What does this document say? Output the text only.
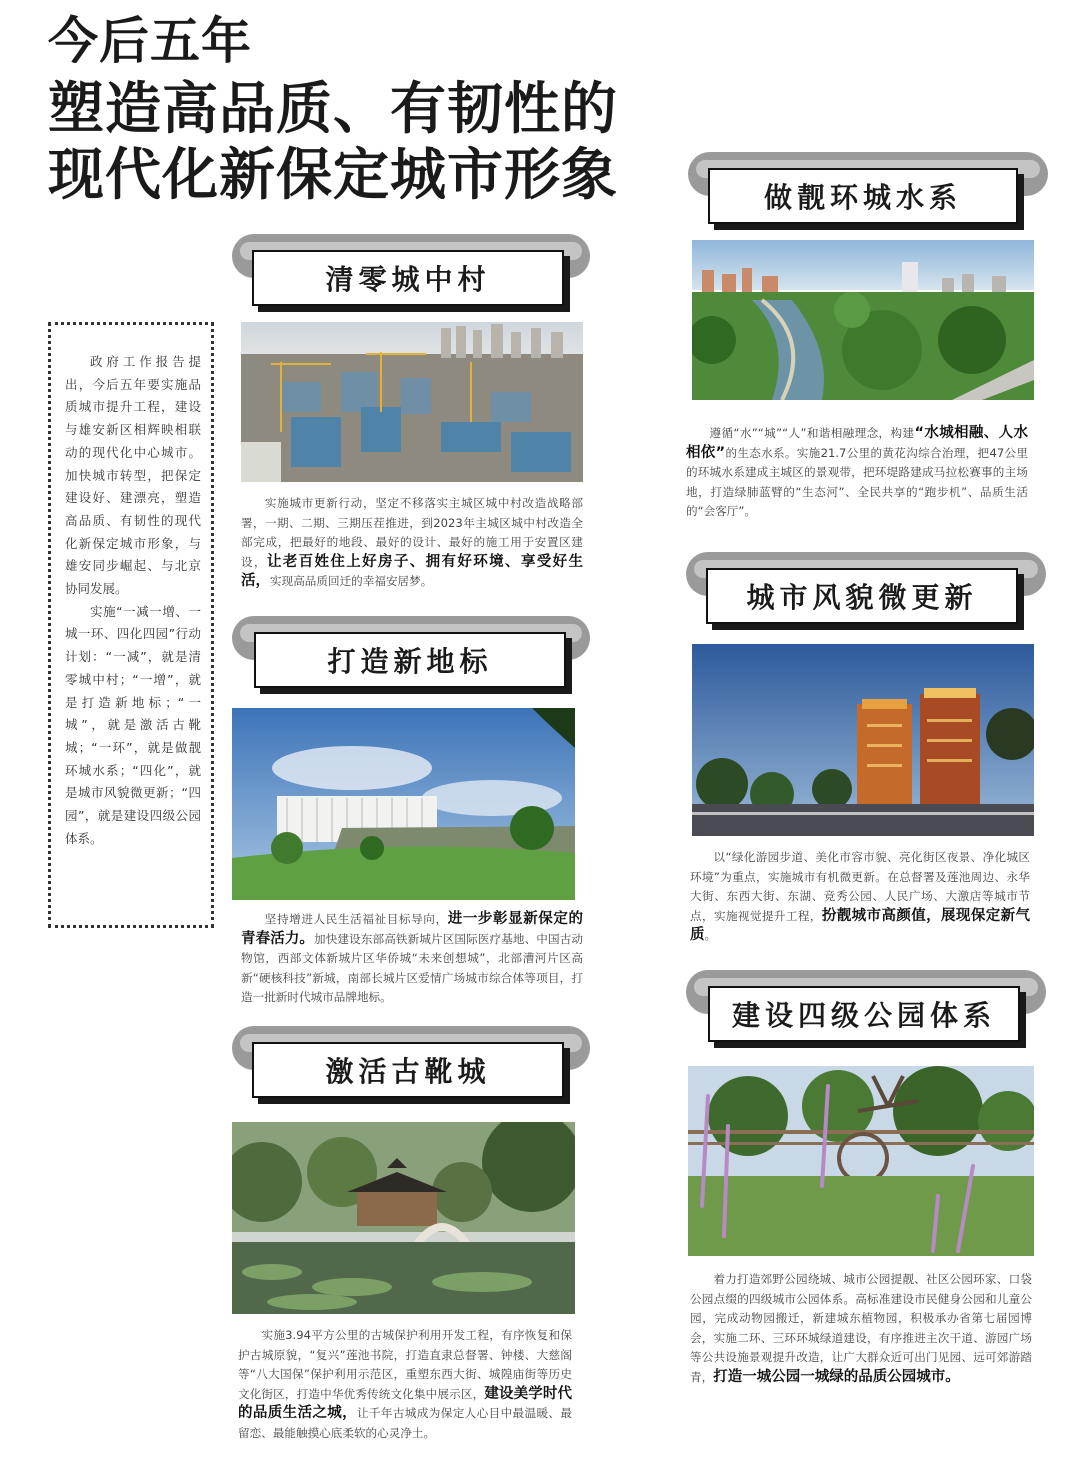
今后五年
塑造高品质、有韧性的
现代化新保定城市形象

政府工作报告提出，今后五年要实施品质城市提升工程，建设与雄安新区相辉映相联动的现代化中心城市。加快城市转型，把保定建设好、建漂亮，塑造高品质、有韧性的现代化新保定城市形象，与雄安同步崛起、与北京协同发展。

实施“一减一增、一城一环、四化四园”行动计划：“一减”，就是清零城中村；“一增”，就是打造新地标；“一城”，就是激活古靴城；“一环”，就是做靓环城水系；“四化”，就是城市风貌微更新；“四园”，就是建设四级公园体系。

清零城中村
实施城市更新行动，坚定不移落实主城区城中村改造战略部署，一期、二期、三期压茬推进，到2023年主城区城中村改造全部完成，把最好的地段、最好的设计、最好的施工用于安置区建设，让老百姓住上好房子、拥有好环境、享受好生活，实现高品质回迁的幸福安居梦。
打造新地标
坚持增进人民生活福祉目标导向，进一步彰显新保定的青春活力。加快建设东部高铁新城片区国际医疗基地、中国古动物馆，西部文体新城片区华侨城“未来创想城”，北部漕河片区高新“硬核科技”新城，南部长城片区爱情广场城市综合体等项目，打造一批新时代城市品牌地标。
激活古靴城
实施3.94平方公里的古城保护利用开发工程，有序恢复和保护古城原貌，“复兴”莲池书院，打造直隶总督署、钟楼、大慈阁等“八大国保”保护利用示范区，重塑东西大街、城隍庙街等历史文化街区，打造中华优秀传统文化集中展示区，建设美学时代的品质生活之城，让千年古城成为保定人心目中最温暖、最留恋、最能触摸心底柔软的心灵净土。
做靓环城水系
遵循“水”“城”“人”和谐相融理念，构建“水城相融、人水相依”的生态水系。实施21.7公里的黄花沟综合治理，把47公里的环城水系建成主城区的景观带，把环堤路建成马拉松赛事的主场地，打造绿肺蓝臂的“生态河”、全民共享的“跑步机”、品质生活的“会客厅”。
城市风貌微更新
以“绿化游园步道、美化市容市貌、亮化街区夜景、净化城区环境”为重点，实施城市有机微更新。在总督署及莲池周边、永华大街、东西大街、东湖、竞秀公园、人民广场、大激店等城市节点，实施视觉提升工程，扮靓城市高颜值，展现保定新气质。
建设四级公园体系
着力打造郊野公园绕城、城市公园提靓、社区公园环家、口袋公园点缀的四级城市公园体系。高标准建设市民健身公园和儿童公园，完成动物园搬迁，新建城东植物园，积极承办省第七届园博会，实施二环、三环环城绿道建设，有序推进主次干道、游园广场等公共设施景观提升改造，让广大群众近可出门见园、远可郊游踏青，打造一城公园一城绿的品质公园城市。
